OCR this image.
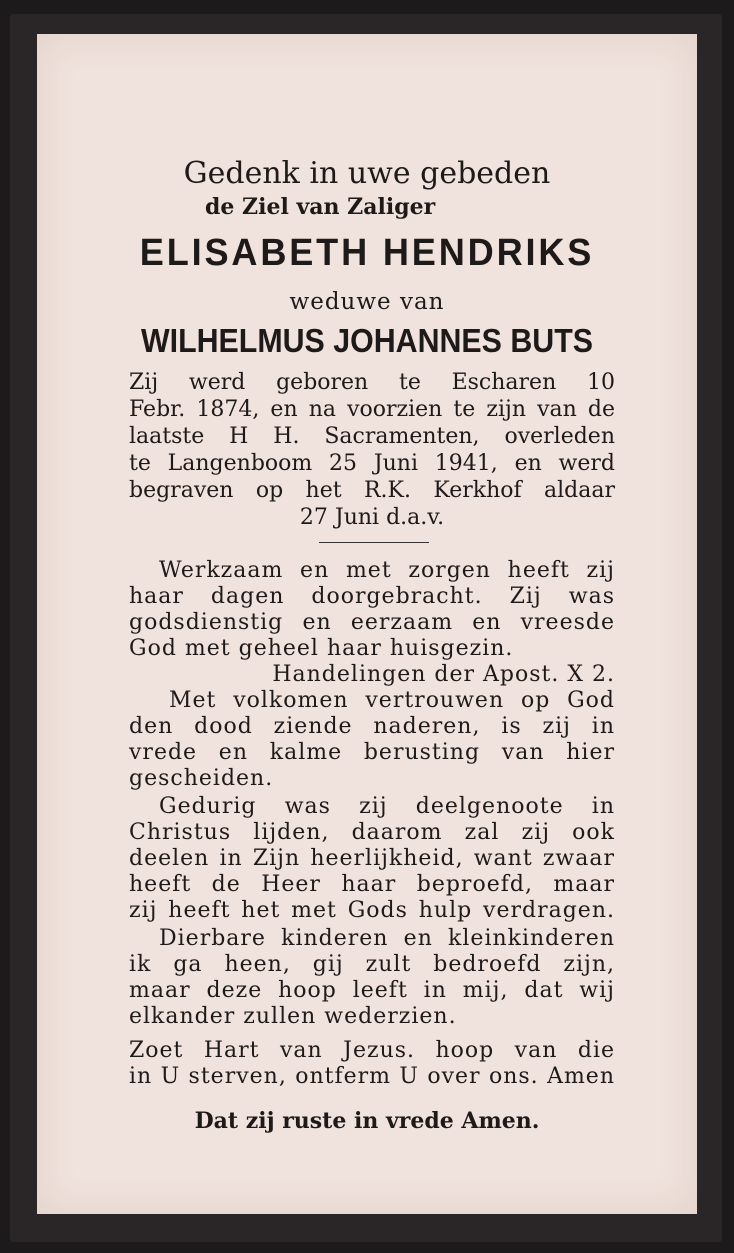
Gedenk in uwe gebeden
de Ziel van Zaliger
ELISABETH HENDRIKS
weduwe van
WILHELMUS JOHANNES BUTS
Zij werd geboren te Escharen 10
Febr. 1874, en na voorzien te zijn van de
laatste H H. Sacramenten, overleden
te Langenboom 25 Juni 1941, en werd
begraven op het R.K. Kerkhof aldaar
27 Juni d.a.v.
Werkzaam en met zorgen heeft zij
haar dagen doorgebracht. Zij was
godsdienstig en eerzaam en vreesde
God met geheel haar huisgezin.
Handelingen der Apost. X 2.
Met volkomen vertrouwen op God
den dood ziende naderen, is zij in
vrede en kalme berusting van hier
gescheiden.
Gedurig was zij deelgenoote in
Christus lijden, daarom zal zij ook
deelen in Zijn heerlijkheid, want zwaar
heeft de Heer haar beproefd, maar
zij heeft het met Gods hulp verdragen.
Dierbare kinderen en kleinkinderen
ik ga heen, gij zult bedroefd zijn,
maar deze hoop leeft in mij, dat wij
elkander zullen wederzien.
Zoet Hart van Jezus. hoop van die
in U sterven, ontferm U over ons. Amen
Dat zij ruste in vrede Amen.
